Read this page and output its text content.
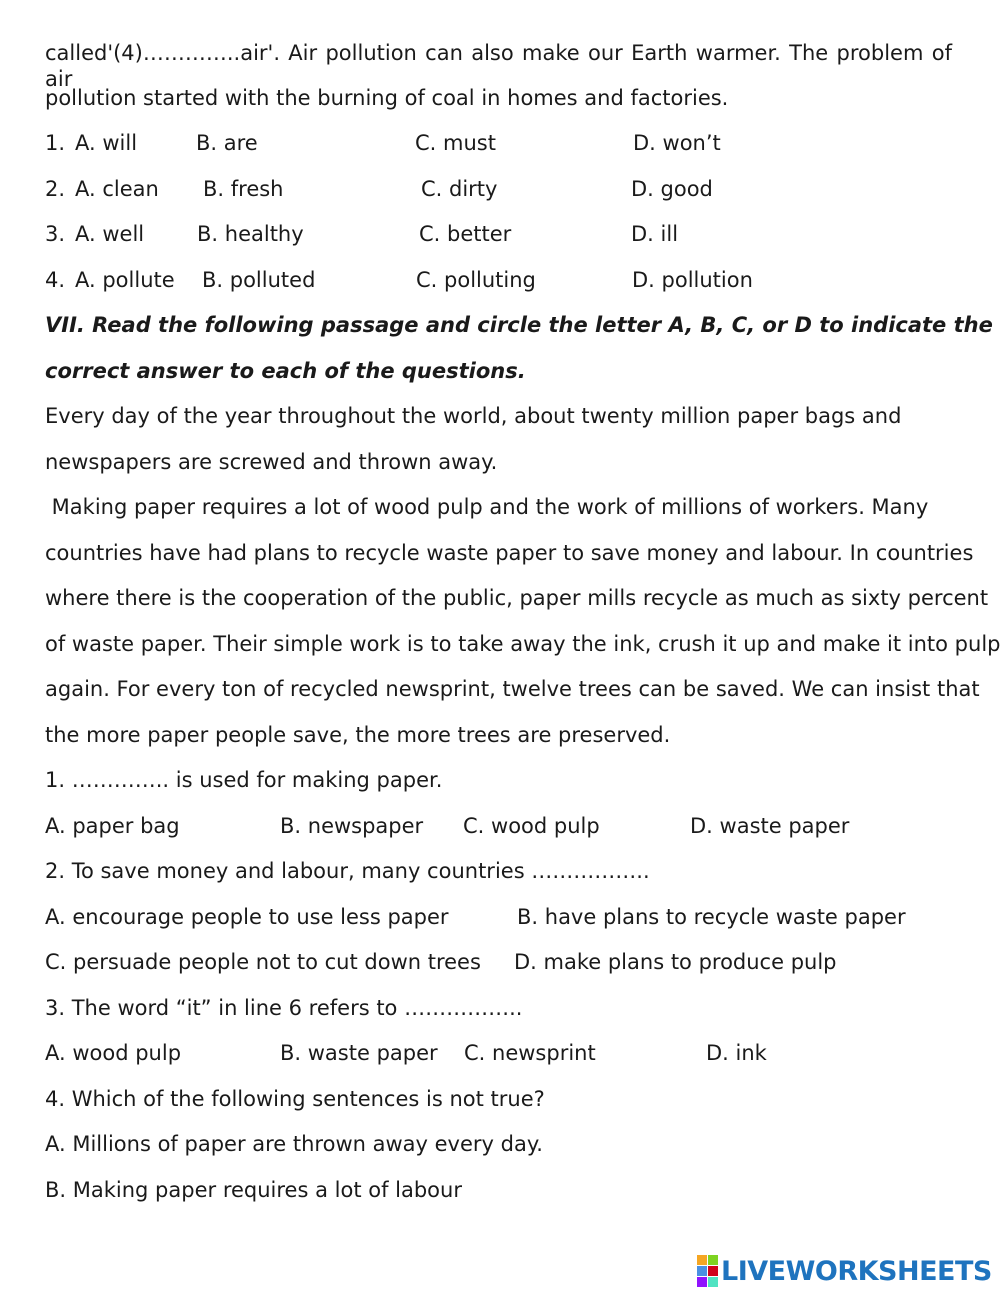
called'(4)…………..air'. Air pollution can also make our Earth warmer. The problem of air
pollution started with the burning of coal in homes and factories.
1. A. will	B. are	C. must	D. won’t
2. A. clean B. fresh	C. dirty	D. good
3. A. well	B. healthy	C. better	D. ill
4. A. pollute B. polluted	C. polluting	D. pollution
VII. Read the following passage and circle the letter A, B, C, or D to indicate the
correct answer to each of the questions.
Every day of the year throughout the world, about twenty million paper bags and
newspapers are screwed and thrown away.
Making paper requires a lot of wood pulp and the work of millions of workers. Many
countries have had plans to recycle waste paper to save money and labour. In countries
where there is the cooperation of the public, paper mills recycle as much as sixty percent
of waste paper. Their simple work is to take away the ink, crush it up and make it into pulp
again. For every ton of recycled newsprint, twelve trees can be saved. We can insist that
the more paper people save, the more trees are preserved.
1. ………….. is used for making paper.
A. paper bag	B. newspaper C. wood pulp	D. waste paper
2. To save money and labour, many countries ……………..
A. encourage people to use less paper	B. have plans to recycle waste paper
C. persuade people not to cut down trees D. make plans to produce pulp
3. The word “it” in line 6 refers to ……………..
A. wood pulp	B. waste paper C. newsprint	D. ink
4. Which of the following sentences is not true?
A. Millions of paper are thrown away every day.
B. Making paper requires a lot of labour
LIVEWORKSHEETS
